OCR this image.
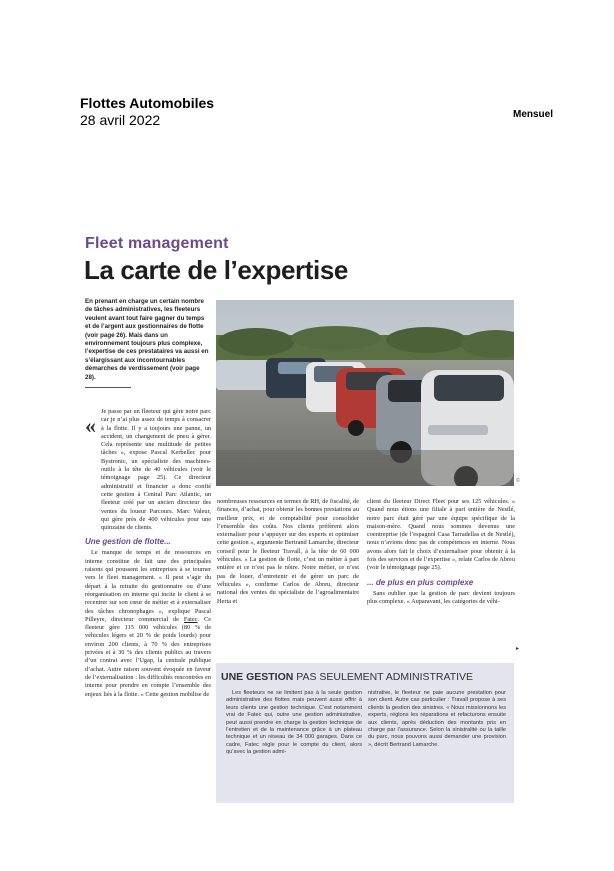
Flottes Automobiles
28 avril 2022	Mensuel
Fleet management
La carte de l’expertise
En prenant en charge un certain nombre de tâches administratives, les fleeteurs veulent avant tout faire gagner du temps et de l’argent aux gestionnaires de flotte (voir page 26). Mais dans un environnement toujours plus complexe, l’expertise de ces prestataires va aussi en s’élargissant aux incontournables démarches de verdissement (voir page 28).
©
«

Je passe par un fleeteur qui gère notre parc car je n’ai plus assez de temps à consacrer à la flotte. Il y a toujours une panne, un accident, un changement de pneu à gérer. Cela représente une multitude de petites tâches », expose Pascal Kerbellec pour Bystronic, un spécialiste des machines-outils à la tête de 40 véhicules (voir le témoignage page 25). Ce directeur administratif et financier a donc confié cette gestion à Central Parc Atlantic, un fleeteur créé par un ancien directeur des ventes du loueur Parcours. Marc Valeur, qui gère près de 400 véhicules pour une quinzaine de clients.

Une gestion de flotte...

Le manque de temps et de ressources en interne constitue de fait une des principales raisons qui poussent les entreprises à se tourner vers le fleet management. « Il peut s’agir du départ à la retraite du gestionnaire ou d’une réorganisation en interne qui incite le client à se recentrer sur son cœur de métier et à externaliser des tâches chronophages », explique Pascal Pilleyre, directeur commercial de Fatec. Ce fleeteur gère 115 000 véhicules (80 % de véhicules légers et 20 % de poids lourds) pour environ 200 clients, à 70 % des entreprises privées et à 30 % des clients publics au travers d’un contrat avec l’Ugap, la centrale publique d’achat. Autre raison souvent évoquée en faveur de l’externalisation : les difficultés rencontrées en interne pour prendre en compte l’ensemble des enjeux liés à la flotte. « Cette gestion mobilise de

nombreuses ressources en termes de RH, de fiscalité, de finances, d’achat, pour obtenir les bonnes prestations au meilleur prix, et de comptabilité pour consolider l’ensemble des coûts. Nos clients préfèrent alors externaliser pour s’appuyer sur des experts et optimiser cette gestion », argumente Bertrand Lamarche, directeur conseil pour le fleeteur Travall, à la tête de 60 000 véhicules. « La gestion de flotte, c’est un métier à part entière et ce n’est pas le nôtre. Notre métier, ce n’est pas de louer, d’entretenir et de gérer un parc de véhicules », confirme Carlos de Abreu, directeur national des ventes du spécialiste de l’agroalimentaire Herta et

client du fleeteur Direct Fleet pour ses 125 véhicules. « Quand nous étions une filiale à part entière de Nestlé, notre parc était géré par une équipe spécifique de la maison-mère. Quand nous sommes devenus une coentreprise (de l’espagnol Casa Tarradellas et de Nestlé), nous n’avions donc pas de compétences en interne. Nous avons alors fait le choix d’externaliser pour obtenir à la fois des services et de l’expertise », relate Carlos de Abreu (voir le témoignage page 25).

... de plus en plus complexe

Sans oublier que la gestion de parc devient toujours plus complexe. « Auparavant, les catégories de véhi-

▸
UNE GESTION PAS SEULEMENT ADMINISTRATIVE
Les fleeteurs ne se limitent pas à la seule gestion administrative des flottes mais peuvent aussi offrir à leurs clients une gestion technique. C’est notamment vrai de Fatec qui, outre une gestion administrative, peut aussi prendre en charge la gestion technique de l’entretien et de la maintenance grâce à un plateau technique et un réseau de 34 000 garages. Dans ce cadre, Fatec règle pour le compte du client, alors qu’avec la gestion admi-
nistrative, le fleeteur ne paie aucune prestation pour son client. Autre cas particulier : Travall propose à ses clients la gestion des sinistres. « Nous missionnons les experts, réglons les réparations et refacturons ensuite aux clients, après déduction des montants pris en charge par l’assurance. Selon la sinistralité ou la taille du parc, nous pouvons aussi demander une provision », décrit Bertrand Lamarche.
